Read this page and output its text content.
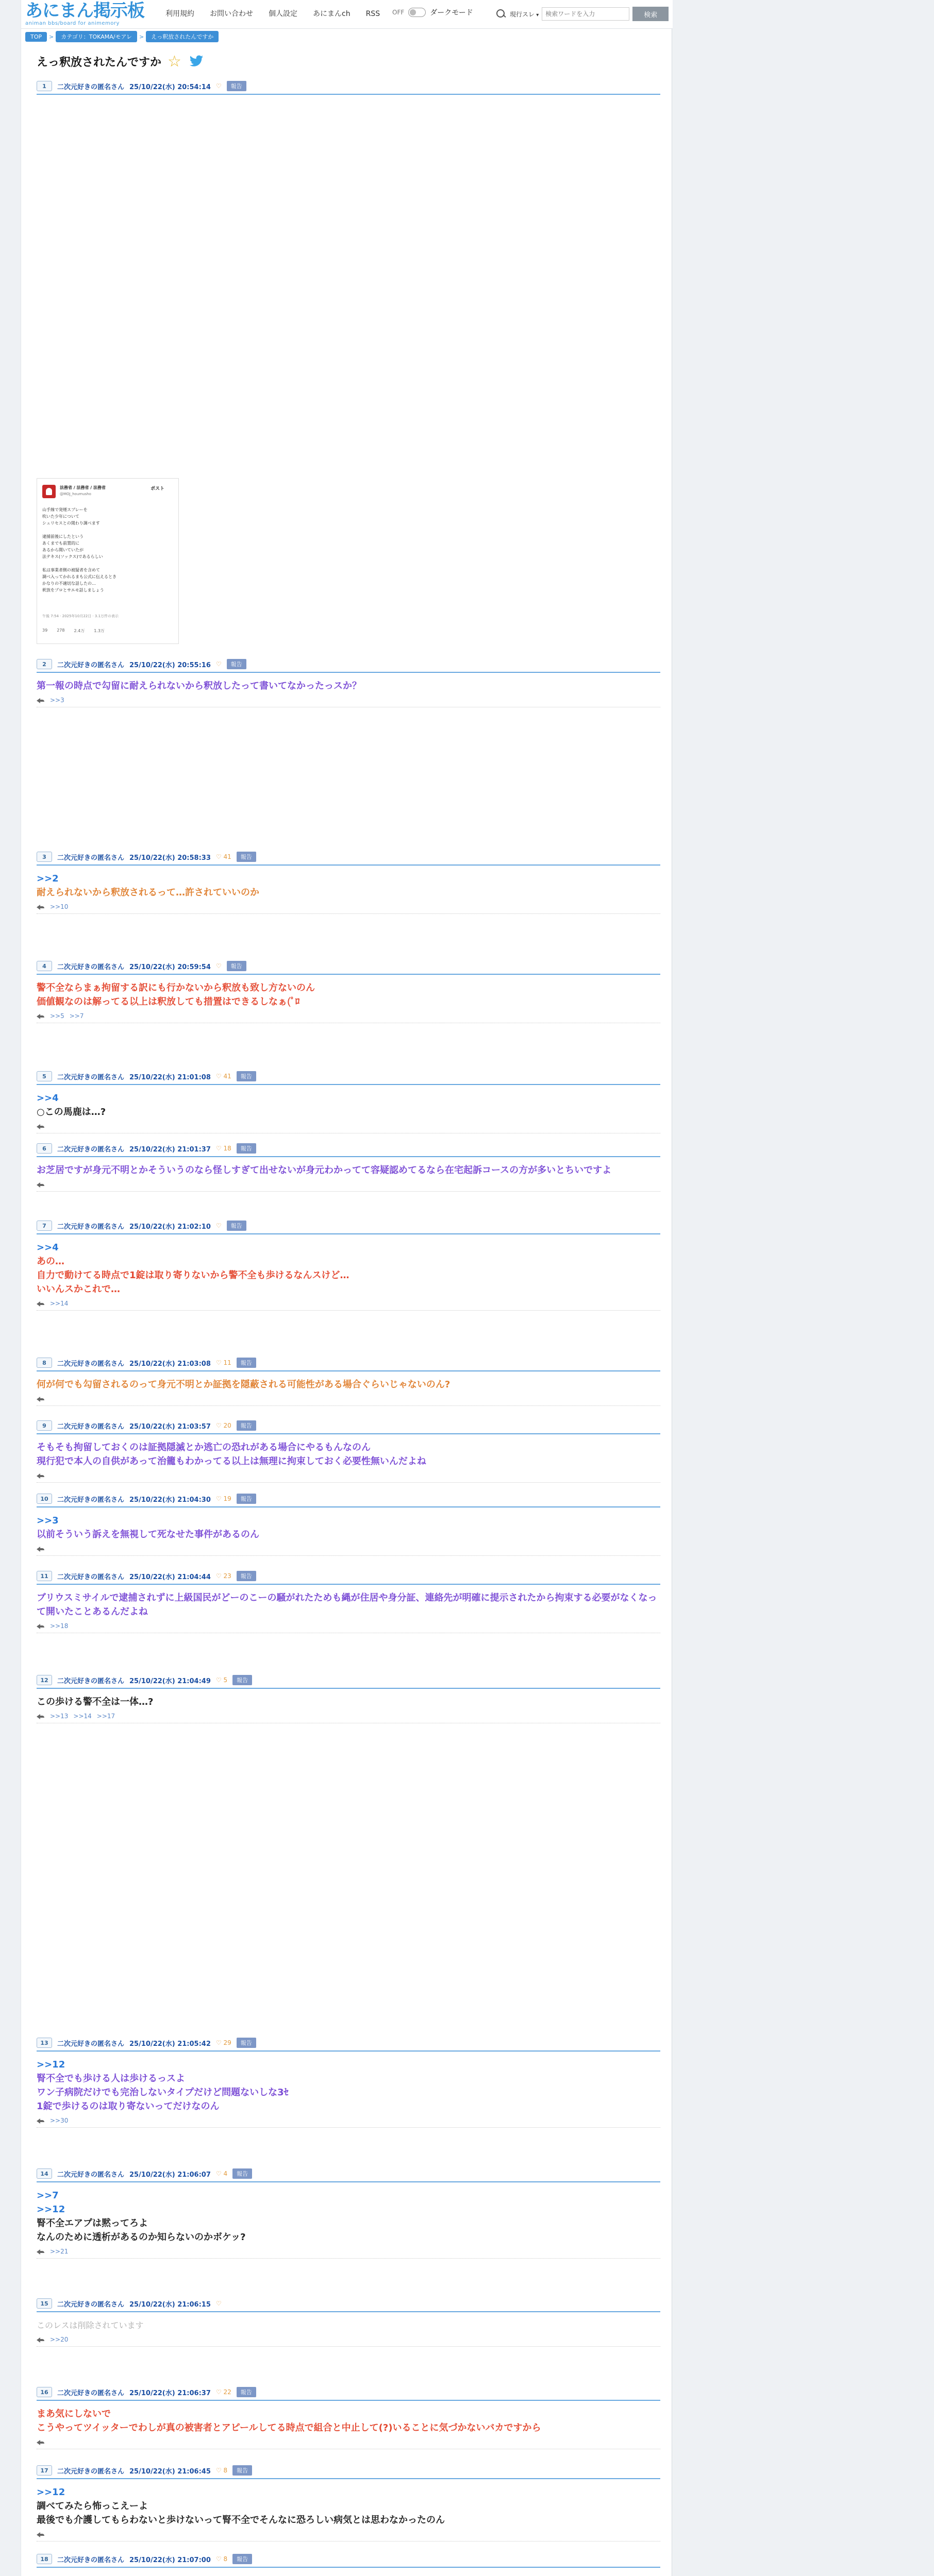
あにまん掲示板
animan bbs/board for animemory
利用規約 お問い合わせ 個人設定 あにまんch RSS OFF	ダークモード	現行スレ ▾
検索ワードを入力	検索
TOP	>	カテゴリ：TOKAMA/モアレ	>	えっ釈放されたんですか
えっ釈放されたんですか ☆
法務省 / 法務省 / 法務省
@MOJ_houmusho
ポスト
山手線で発煙スプレーを
吹いた少年について
シュリセスとの関わり調べます

逮捕前後にしたという
あくまでも前置的に
あるから聞いていたが
法テキス(ソックス)であるらしい

私は事業者側の被疑者を含めて
調べ入ってかれるまも公式に伝えるとき
かなりの不適切な話したの…
釈放をプロとサエモ話しましょう
午後 7:54 · 2025年10月22日 · 3.1万件の表示
39 278 2.4万 1.3万
1	二次元好きの匿名さん 25/10/22(水) 20:54:14 ♡	報告
2	二次元好きの匿名さん 25/10/22(水) 20:55:16 ♡	報告
第一報の時点で勾留に耐えられないから釈放したって書いてなかったっスか？
>>3
3	二次元好きの匿名さん 25/10/22(水) 20:58:33 ♡ 41	報告
>>2
耐えられないから釈放されるって…許されていいのか
>>10
4	二次元好きの匿名さん 25/10/22(水) 20:59:54 ♡	報告
警不全ならまぁ拘留する訳にも行かないから釈放も致し方ないのん
価値観なのは解ってる以上は釈放しても措置はできるしなぁ(ﾟﾛ
>>5 >>7
5	二次元好きの匿名さん 25/10/22(水) 21:01:08 ♡ 41	報告
>>4
○この馬鹿は…?
6	二次元好きの匿名さん 25/10/22(水) 21:01:37 ♡ 18	報告
お芝居ですが身元不明とかそういうのなら怪しすぎて出せないが身元わかってて容疑認めてるなら在宅起訴コースの方が多いとちいですよ
7	二次元好きの匿名さん 25/10/22(水) 21:02:10 ♡	報告
>>4
あの…
自力で動けてる時点で1錠は取り寄りないから警不全も歩けるなんスけど…
いいんスかこれで…
>>14
8	二次元好きの匿名さん 25/10/22(水) 21:03:08 ♡ 11	報告
何が何でも勾留されるのって身元不明とか証拠を隠蔽される可能性がある場合ぐらいじゃないのん?
9	二次元好きの匿名さん 25/10/22(水) 21:03:57 ♡ 20	報告
そもそも拘留しておくのは証拠隠滅とか逃亡の恐れがある場合にやるもんなのん
現行犯で本人の自供があって治籠もわかってる以上は無理に拘束しておく必要性無いんだよね
10	二次元好きの匿名さん 25/10/22(水) 21:04:30 ♡ 19	報告
>>3
以前そういう訴えを無視して死なせた事件があるのん
11	二次元好きの匿名さん 25/10/22(水) 21:04:44 ♡ 23	報告
ブリウスミサイルで逮捕されずに上級国民がどーのこーの騒がれたためも縄が住居や身分証、連絡先が明確に提示されたから拘束する必要がなくなって開いたことあるんだよね
>>18
12	二次元好きの匿名さん 25/10/22(水) 21:04:49 ♡ 5	報告
この歩ける警不全は一体…?
>>13 >>14 >>17
13	二次元好きの匿名さん 25/10/22(水) 21:05:42 ♡ 29	報告
>>12
腎不全でも歩ける人は歩けるっスよ
ワン子病院だけでも完治しないタイプだけど問題ないしな3ｾ
1錠で歩けるのは取り寄ないってだけなのん
>>30
14	二次元好きの匿名さん 25/10/22(水) 21:06:07 ♡ 4	報告
>>7
>>12
腎不全エアプは黙ってろよ
なんのために透析があるのか知らないのかボケッ?
>>21
15	二次元好きの匿名さん 25/10/22(水) 21:06:15 ♡
このレスは削除されています
>>20
16	二次元好きの匿名さん 25/10/22(水) 21:06:37 ♡ 22	報告
まあ気にしないで
こうやってツイッターでわしが真の被害者とアピールしてる時点で組合と中止して(?)いることに気づかないバカですから
17	二次元好きの匿名さん 25/10/22(水) 21:06:45 ♡ 8	報告
>>12
調べてみたら怖っこえーよ
最後でも介護してもらわないと歩けないって腎不全でそんなに恐ろしい病気とは思わなかったのん
18	二次元好きの匿名さん 25/10/22(水) 21:07:00 ♡ 8	報告
